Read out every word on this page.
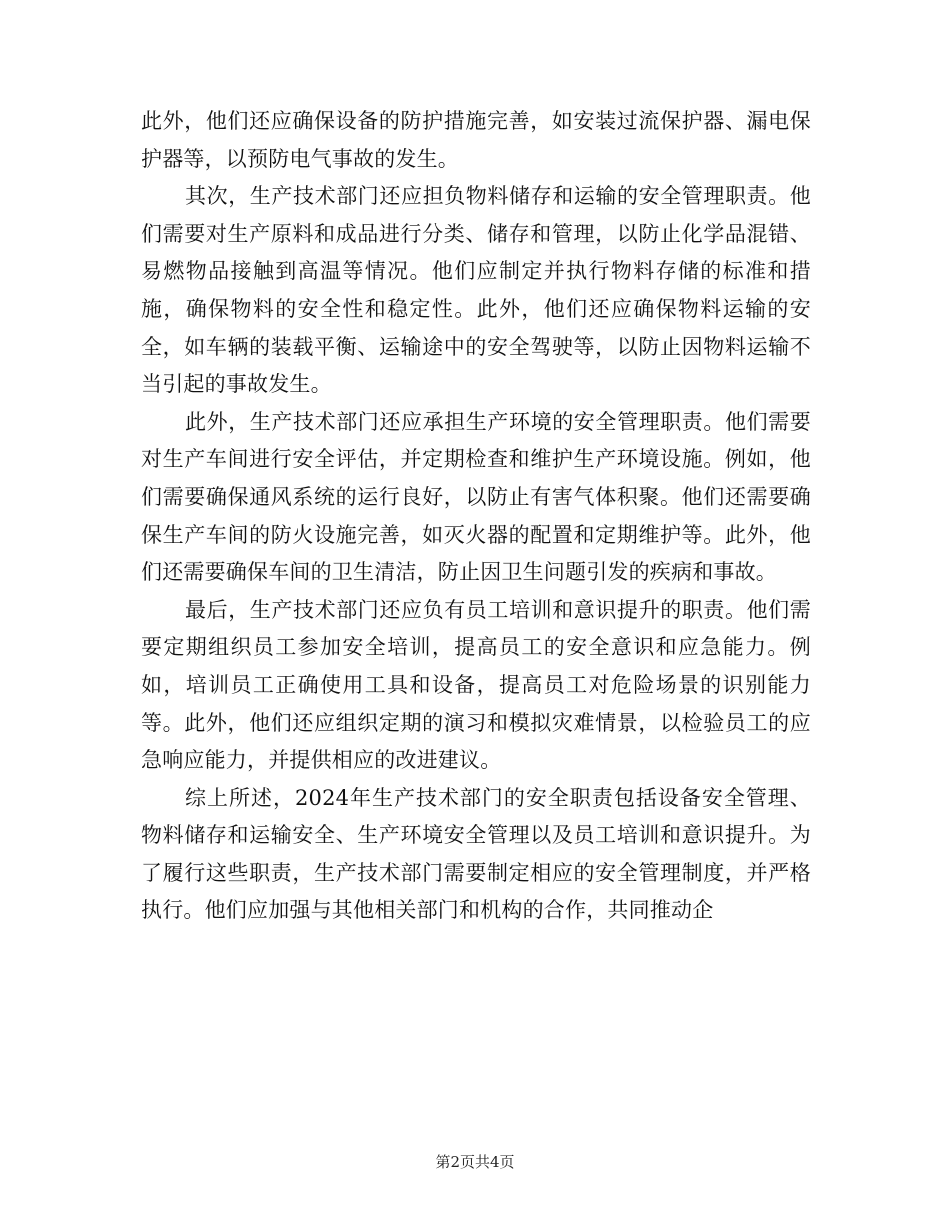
此外，他们还应确保设备的防护措施完善，如安装过流保护器、漏电保护器等，以预防电气事故的发生。

其次，生产技术部门还应担负物料储存和运输的安全管理职责。他们需要对生产原料和成品进行分类、储存和管理，以防止化学品混错、易燃物品接触到高温等情况。他们应制定并执行物料存储的标准和措施，确保物料的安全性和稳定性。此外，他们还应确保物料运输的安全，如车辆的装载平衡、运输途中的安全驾驶等，以防止因物料运输不当引起的事故发生。

此外，生产技术部门还应承担生产环境的安全管理职责。他们需要对生产车间进行安全评估，并定期检查和维护生产环境设施。例如，他们需要确保通风系统的运行良好，以防止有害气体积聚。他们还需要确保生产车间的防火设施完善，如灭火器的配置和定期维护等。此外，他们还需要确保车间的卫生清洁，防止因卫生问题引发的疾病和事故。

最后，生产技术部门还应负有员工培训和意识提升的职责。他们需要定期组织员工参加安全培训，提高员工的安全意识和应急能力。例如，培训员工正确使用工具和设备，提高员工对危险场景的识别能力等。此外，他们还应组织定期的演习和模拟灾难情景，以检验员工的应急响应能力，并提供相应的改进建议。

综上所述，2024年生产技术部门的安全职责包括设备安全管理、物料储存和运输安全、生产环境安全管理以及员工培训和意识提升。为了履行这些职责，生产技术部门需要制定相应的安全管理制度，并严格执行。他们应加强与其他相关部门和机构的合作，共同推动企

第2页共4页
